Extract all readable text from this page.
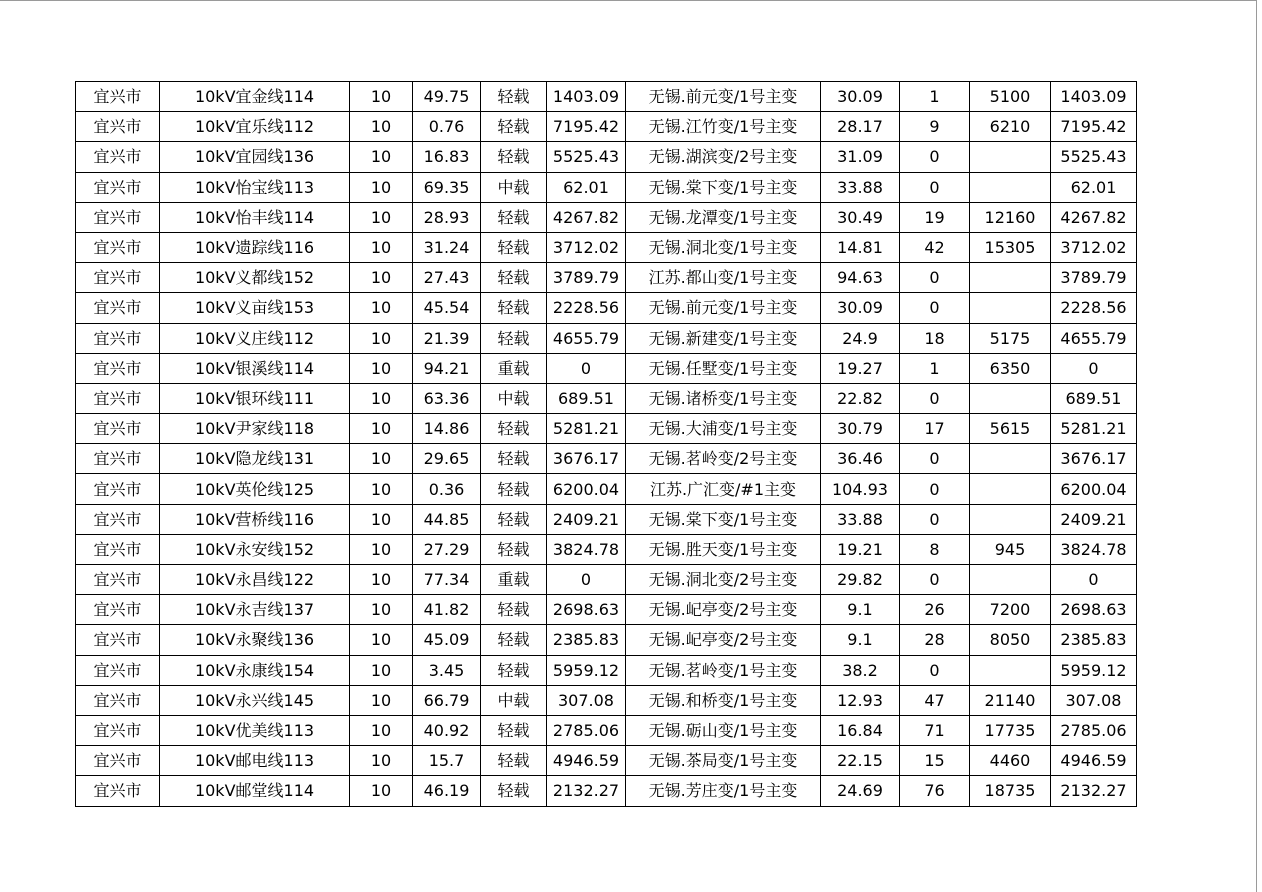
宜兴市	10kV宜金线114	10	49.75	轻载	1403.09	无锡.前元变/1号主变	30.09	1	5100	1403.09
宜兴市	10kV宜乐线112	10	0.76	轻载	7195.42	无锡.江竹变/1号主变	28.17	9	6210	7195.42
宜兴市	10kV宜园线136	10	16.83	轻载	5525.43	无锡.湖滨变/2号主变	31.09	0		5525.43
宜兴市	10kV怡宝线113	10	69.35	中载	62.01	无锡.棠下变/1号主变	33.88	0		62.01
宜兴市	10kV怡丰线114	10	28.93	轻载	4267.82	无锡.龙潭变/1号主变	30.49	19	12160	4267.82
宜兴市	10kV遗踪线116	10	31.24	轻载	3712.02	无锡.洞北变/1号主变	14.81	42	15305	3712.02
宜兴市	10kV义都线152	10	27.43	轻载	3789.79	江苏.都山变/1号主变	94.63	0		3789.79
宜兴市	10kV义亩线153	10	45.54	轻载	2228.56	无锡.前元变/1号主变	30.09	0		2228.56
宜兴市	10kV义庄线112	10	21.39	轻载	4655.79	无锡.新建变/1号主变	24.9	18	5175	4655.79
宜兴市	10kV银溪线114	10	94.21	重载	0	无锡.任墅变/1号主变	19.27	1	6350	0
宜兴市	10kV银环线111	10	63.36	中载	689.51	无锡.诸桥变/1号主变	22.82	0		689.51
宜兴市	10kV尹家线118	10	14.86	轻载	5281.21	无锡.大浦变/1号主变	30.79	17	5615	5281.21
宜兴市	10kV隐龙线131	10	29.65	轻载	3676.17	无锡.茗岭变/2号主变	36.46	0		3676.17
宜兴市	10kV英伦线125	10	0.36	轻载	6200.04	江苏.广汇变/#1主变	104.93	0		6200.04
宜兴市	10kV营桥线116	10	44.85	轻载	2409.21	无锡.棠下变/1号主变	33.88	0		2409.21
宜兴市	10kV永安线152	10	27.29	轻载	3824.78	无锡.胜天变/1号主变	19.21	8	945	3824.78
宜兴市	10kV永昌线122	10	77.34	重载	0	无锡.洞北变/2号主变	29.82	0		0
宜兴市	10kV永吉线137	10	41.82	轻载	2698.63	无锡.屺亭变/2号主变	9.1	26	7200	2698.63
宜兴市	10kV永聚线136	10	45.09	轻载	2385.83	无锡.屺亭变/2号主变	9.1	28	8050	2385.83
宜兴市	10kV永康线154	10	3.45	轻载	5959.12	无锡.茗岭变/1号主变	38.2	0		5959.12
宜兴市	10kV永兴线145	10	66.79	中载	307.08	无锡.和桥变/1号主变	12.93	47	21140	307.08
宜兴市	10kV优美线113	10	40.92	轻载	2785.06	无锡.砺山变/1号主变	16.84	71	17735	2785.06
宜兴市	10kV邮电线113	10	15.7	轻载	4946.59	无锡.茶局变/1号主变	22.15	15	4460	4946.59
宜兴市	10kV邮堂线114	10	46.19	轻载	2132.27	无锡.芳庄变/1号主变	24.69	76	18735	2132.27
